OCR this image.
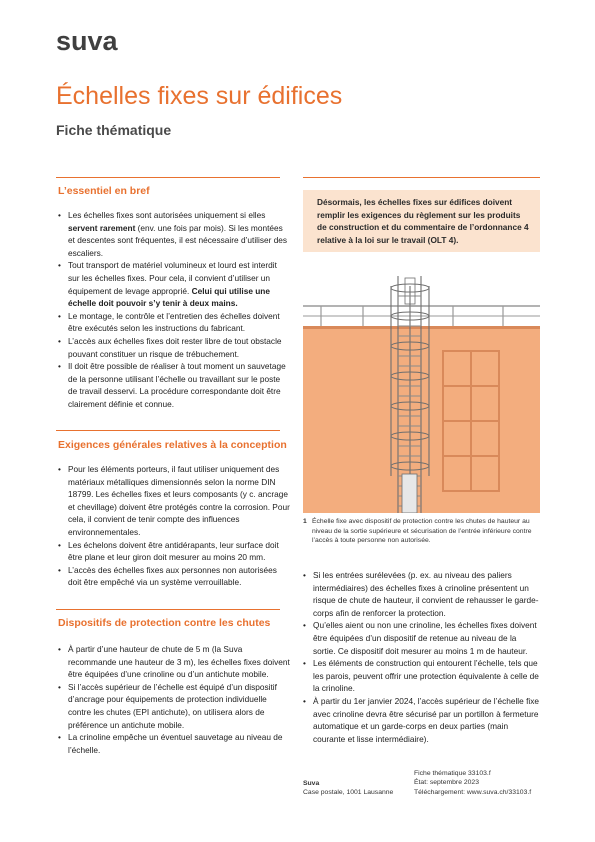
suva
Échelles fixes sur édifices
Fiche thématique
L’essentiel en bref
• Les échelles fixes sont autorisées uniquement si elles servent rarement (env. une fois par mois). Si les montées et descentes sont fréquentes, il est nécessaire d’utiliser des escaliers.
• Tout transport de matériel volumineux et lourd est interdit sur les échelles fixes. Pour cela, il convient d’utiliser un équipement de levage approprié. Celui qui utilise une échelle doit pouvoir s’y tenir à deux mains.
• Le montage, le contrôle et l’entretien des échelles doivent être exécutés selon les instructions du fabricant.
• L’accès aux échelles fixes doit rester libre de tout obstacle pouvant constituer un risque de trébuchement.
• Il doit être possible de réaliser à tout moment un sauvetage de la personne utilisant l’échelle ou travaillant sur le poste de travail desservi. La procédure correspondante doit être clairement définie et connue.
Exigences générales relatives à la conception
• Pour les éléments porteurs, il faut utiliser uniquement des matériaux métalliques dimensionnés selon la norme DIN 18799. Les échelles fixes et leurs composants (y c. ancrage et chevillage) doivent être protégés contre la corrosion. Pour cela, il convient de tenir compte des influences environnementales.
• Les échelons doivent être antidérapants, leur surface doit être plane et leur giron doit mesurer au moins 20 mm.
• L’accès des échelles fixes aux personnes non autorisées doit être empêché via un système verrouillable.
Dispositifs de protection contre les chutes
• À partir d’une hauteur de chute de 5 m (la Suva recommande une hauteur de 3 m), les échelles fixes doivent être équipées d’une crinoline ou d’un antichute mobile.
• Si l’accès supérieur de l’échelle est équipé d’un dispositif d’ancrage pour équipements de protection individuelle contre les chutes (EPI antichute), on utilisera alors de préférence un antichute mobile.
• La crinoline empêche un éventuel sauvetage au niveau de l’échelle.
Désormais, les échelles fixes sur édifices doivent remplir les exigences du règlement sur les produits de construction et du commentaire de l’ordonnance 4 relative à la loi sur le travail (OLT 4).
1 Échelle fixe avec dispositif de protection contre les chutes de hauteur au niveau de la sortie supérieure et sécurisation de l’entrée inférieure contre l’accès à toute personne non autorisée.
• Si les entrées surélevées (p. ex. au niveau des paliers intermédiaires) des échelles fixes à crinoline présentent un risque de chute de hauteur, il convient de rehausser le garde-corps afin de renforcer la protection.
• Qu’elles aient ou non une crinoline, les échelles fixes doivent être équipées d’un dispositif de retenue au niveau de la sortie. Ce dispositif doit mesurer au moins 1 m de hauteur.
• Les éléments de construction qui entourent l’échelle, tels que les parois, peuvent offrir une protection équivalente à celle de la crinoline.
• À partir du 1er janvier 2024, l’accès supérieur de l’échelle fixe avec crinoline devra être sécurisé par un portillon à fermeture automatique et un garde-corps en deux parties (main courante et lisse intermédiaire).
Suva
Case postale, 1001 Lausanne
Fiche thématique 33103.f
État: septembre 2023
Téléchargement: www.suva.ch/33103.f
